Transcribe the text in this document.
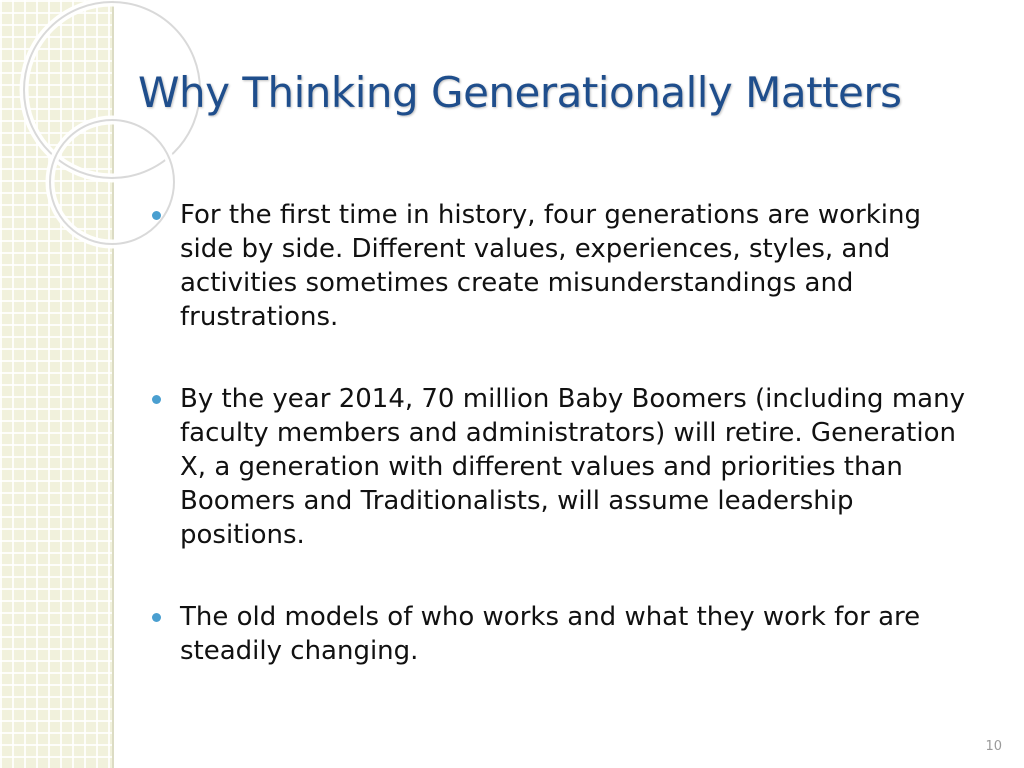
Why Thinking Generationally Matters
For the first time in history, four generations are working side by side. Different values, experiences, styles, and activities sometimes create misunderstandings and frustrations.
By the year 2014, 70 million Baby Boomers (including many faculty members and administrators) will retire. Generation X, a generation with different values and priorities than Boomers and Traditionalists, will assume leadership positions.
The old models of who works and what they work for are steadily changing.
10
